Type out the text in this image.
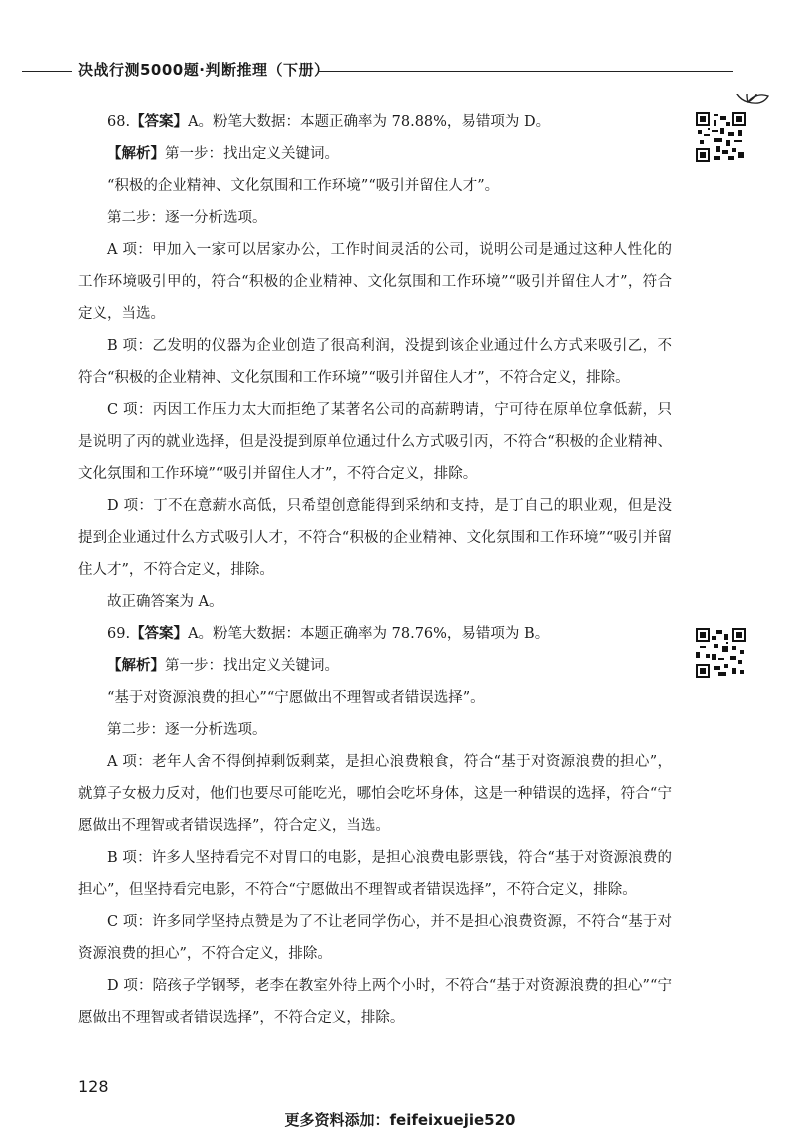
决战行测5000题·判断推理（下册）

68.【答案】A。粉笔大数据：本题正确率为 78.88%，易错项为 D。

【解析】第一步：找出定义关键词。

“积极的企业精神、文化氛围和工作环境”“吸引并留住人才”。

第二步：逐一分析选项。

A 项：甲加入一家可以居家办公，工作时间灵活的公司，说明公司是通过这种人性化的工作环境吸引甲的，符合“积极的企业精神、文化氛围和工作环境”“吸引并留住人才”，符合定义，当选。

B 项：乙发明的仪器为企业创造了很高利润，没提到该企业通过什么方式来吸引乙，不符合“积极的企业精神、文化氛围和工作环境”“吸引并留住人才”，不符合定义，排除。

C 项：丙因工作压力太大而拒绝了某著名公司的高薪聘请，宁可待在原单位拿低薪，只是说明了丙的就业选择，但是没提到原单位通过什么方式吸引丙，不符合“积极的企业精神、文化氛围和工作环境”“吸引并留住人才”，不符合定义，排除。

D 项：丁不在意薪水高低，只希望创意能得到采纳和支持，是丁自己的职业观，但是没提到企业通过什么方式吸引人才，不符合“积极的企业精神、文化氛围和工作环境”“吸引并留住人才”，不符合定义，排除。

故正确答案为 A。

69.【答案】A。粉笔大数据：本题正确率为 78.76%，易错项为 B。

【解析】第一步：找出定义关键词。

“基于对资源浪费的担心”“宁愿做出不理智或者错误选择”。

第二步：逐一分析选项。

A 项：老年人舍不得倒掉剩饭剩菜，是担心浪费粮食，符合“基于对资源浪费的担心”，就算子女极力反对，他们也要尽可能吃光，哪怕会吃坏身体，这是一种错误的选择，符合“宁愿做出不理智或者错误选择”，符合定义，当选。

B 项：许多人坚持看完不对胃口的电影，是担心浪费电影票钱，符合“基于对资源浪费的担心”，但坚持看完电影，不符合“宁愿做出不理智或者错误选择”，不符合定义，排除。

C 项：许多同学坚持点赞是为了不让老同学伤心，并不是担心浪费资源，不符合“基于对资源浪费的担心”，不符合定义，排除。

D 项：陪孩子学钢琴，老李在教室外待上两个小时，不符合“基于对资源浪费的担心”“宁愿做出不理智或者错误选择”，不符合定义，排除。

128
更多资料添加：feifeixuejie520
